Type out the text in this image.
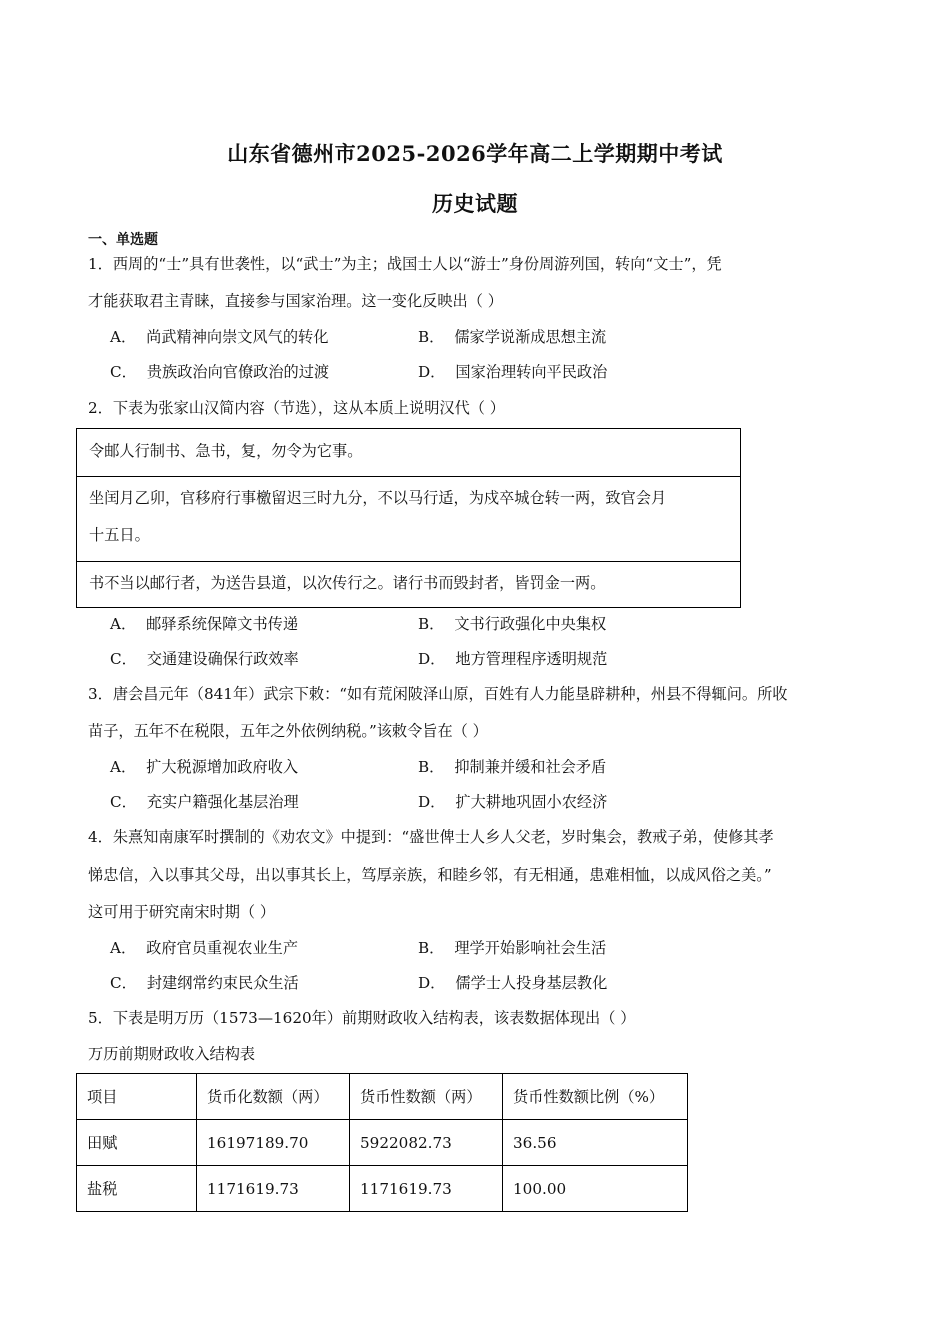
山东省德州市2025-2026学年高二上学期期中考试
历史试题
一、单选题
1．西周的“士”具有世袭性，以“武士”为主；战国士人以“游士”身份周游列国，转向“文士”，凭
才能获取君主青睐，直接参与国家治理。这一变化反映出（ ）
A． 尚武精神向崇文风气的转化	B． 儒家学说渐成思想主流
C． 贵族政治向官僚政治的过渡	D． 国家治理转向平民政治
2．下表为张家山汉简内容（节选），这从本质上说明汉代（ ）
令邮人行制书、急书，复，勿令为它事。
坐闰月乙卯，官移府行事檄留迟三时九分，不以马行适，为戍卒城仓转一两，致官会月
十五日。
书不当以邮行者，为送告县道，以次传行之。诸行书而毁封者，皆罚金一两。
A． 邮驿系统保障文书传递	B． 文书行政强化中央集权
C． 交通建设确保行政效率	D． 地方管理程序透明规范
3．唐会昌元年（841年）武宗下敕：“如有荒闲陂泽山原，百姓有人力能垦辟耕种，州县不得辄问。所收
苗子，五年不在税限，五年之外依例纳税。”该敕令旨在（ ）
A． 扩大税源增加政府收入	B． 抑制兼并缓和社会矛盾
C． 充实户籍强化基层治理	D． 扩大耕地巩固小农经济
4．朱熹知南康军时撰制的《劝农文》中提到：“盛世俾士人乡人父老，岁时集会，教戒子弟，使修其孝
悌忠信，入以事其父母，出以事其长上，笃厚亲族，和睦乡邻，有无相通，患难相恤，以成风俗之美。”
这可用于研究南宋时期（ ）
A． 政府官员重视农业生产	B． 理学开始影响社会生活
C． 封建纲常约束民众生活	D． 儒学士人投身基层教化
5．下表是明万历（1573—1620年）前期财政收入结构表，该表数据体现出（ ）
万历前期财政收入结构表
项目	货币化数额（两）	货币性数额（两）	货币性数额比例（%）
田赋	16197189.70	5922082.73	36.56
盐税	1171619.73	1171619.73	100.00
